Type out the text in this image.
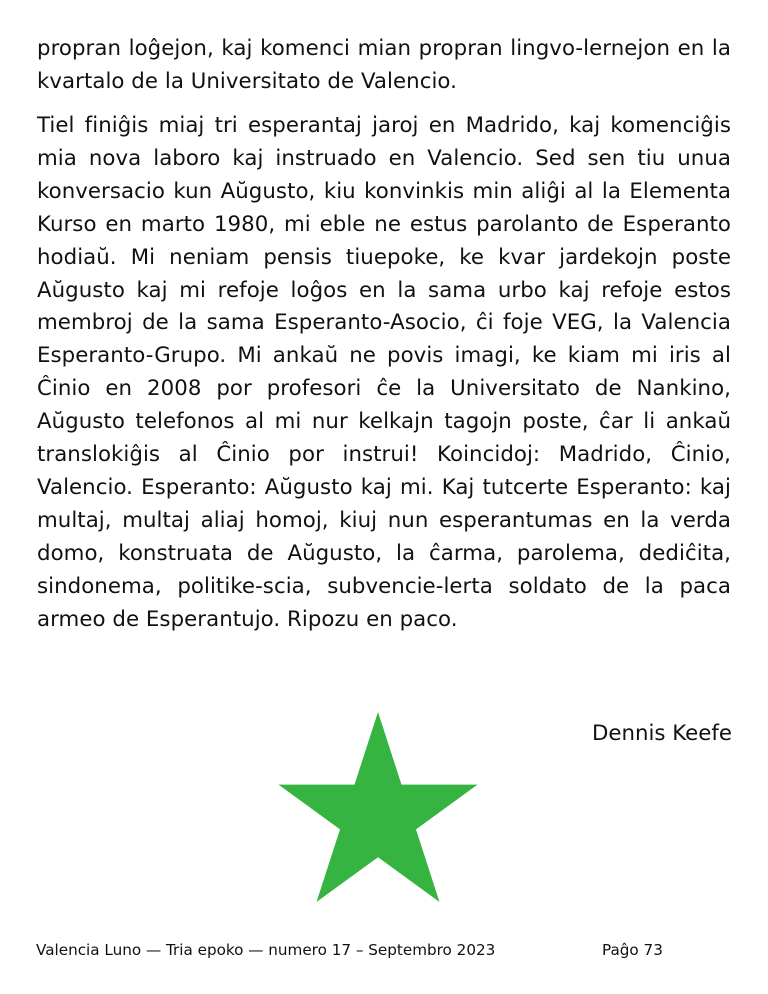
propran loĝejon, kaj komenci mian propran lingvo-lernejon en la kvartalo de la Universitato de Valencio.

Tiel finiĝis miaj tri esperantaj jaroj en Madrido, kaj komenciĝis mia nova laboro kaj instruado en Valencio. Sed sen tiu unua konversacio kun Aŭgusto, kiu konvinkis min aliĝi al la Elementa Kurso en marto 1980, mi eble ne estus parolanto de Esperanto hodiaŭ. Mi neniam pensis tiuepoke, ke kvar jardekojn poste Aŭgusto kaj mi refoje loĝos en la sama urbo kaj refoje estos membroj de la sama Esperanto-Asocio, ĉi foje VEG, la Valencia Esperanto-Grupo. Mi ankaŭ ne povis imagi, ke kiam mi iris al Ĉinio en 2008 por profesori ĉe la Universitato de Nankino, Aŭgusto telefonos al mi nur kelkajn tagojn poste, ĉar li ankaŭ translokiĝis al Ĉinio por instrui! Koincidoj: Madrido, Ĉinio, Valencio. Esperanto: Aŭgusto kaj mi. Kaj tutcerte Esperanto: kaj multaj, multaj aliaj homoj, kiuj nun esperantumas en la verda domo, konstruata de Aŭgusto, la ĉarma, parolema, dediĉita, sindonema, politike-scia, subvencie-lerta soldato de la paca armeo de Esperantujo. Ripozu en paco.

Dennis Keefe

Valencia Luno — Tria epoko — numero 17 – Septembro 2023	Paĝo 73
